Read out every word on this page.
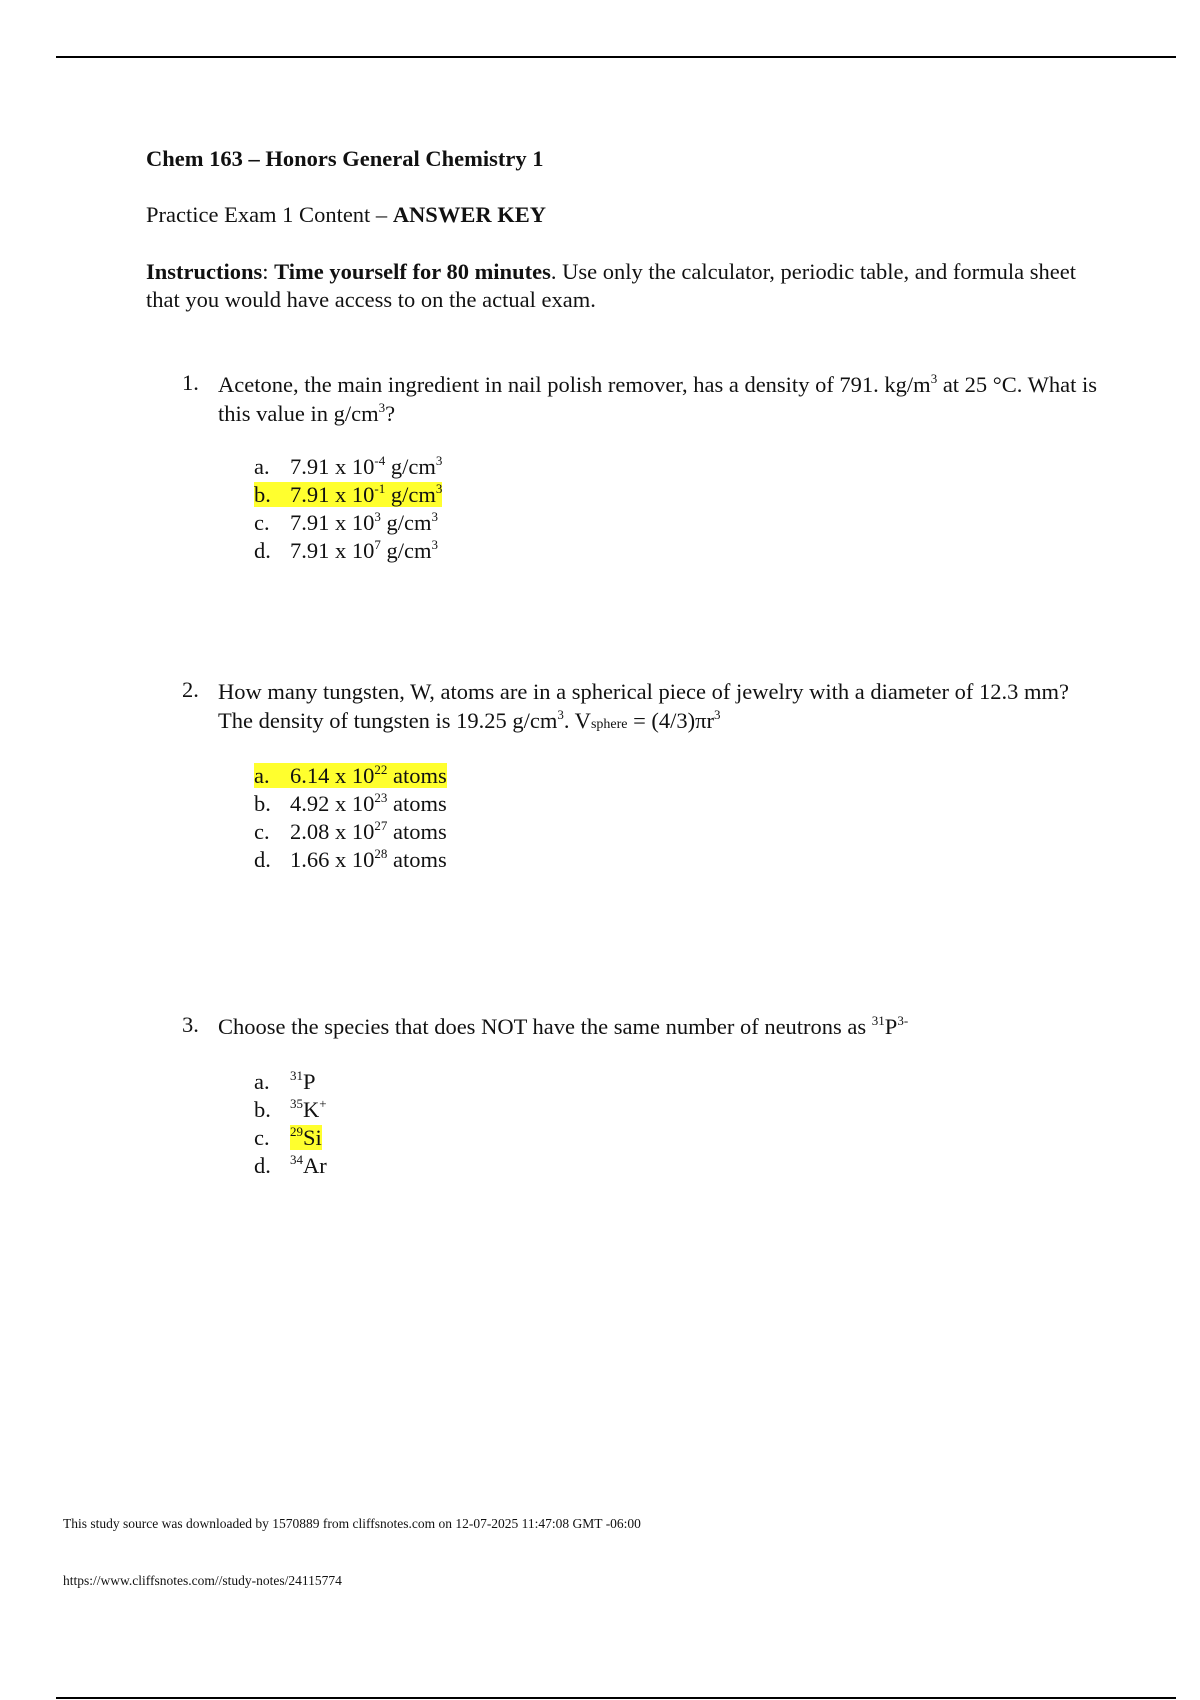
Chem 163 – Honors General Chemistry 1

Practice Exam 1 Content – ANSWER KEY

Instructions: Time yourself for 80 minutes. Use only the calculator, periodic table, and formula sheet that you would have access to on the actual exam.

1. Acetone, the main ingredient in nail polish remover, has a density of 791. $kg/m^3$ at 25 °C. What is this value in $g/cm^3$?
a. 7.91 x $10^{-4}$ $g/cm^3$
b. 7.91 x $10^{-1}$ $g/cm^3$
c. 7.91 x $10^3$ $g/cm^3$
d. 7.91 x $10^7$ $g/cm^3$
2. How many tungsten, W, atoms are in a spherical piece of jewelry with a diameter of 12.3 mm? The density of tungsten is 19.25 $g/cm^3$. Vsphere = $(4/3)\pi r^3$
a. 6.14 x $10^{22}$ atoms
b. 4.92 x $10^{23}$ atoms
c. 2.08 x $10^{27}$ atoms
d. 1.66 x $10^{28}$ atoms
3. Choose the species that does NOT have the same number of neutrons as $^{31}P^{3-}$
a. $^{31}$P
b. $^{35}$K+
c. $^{29}$Si
d. $^{34}$Ar
This study source was downloaded by 1570889 from cliffsnotes.com on 12-07-2025 11:47:08 GMT -06:00
https://www.cliffsnotes.com//study-notes/24115774
